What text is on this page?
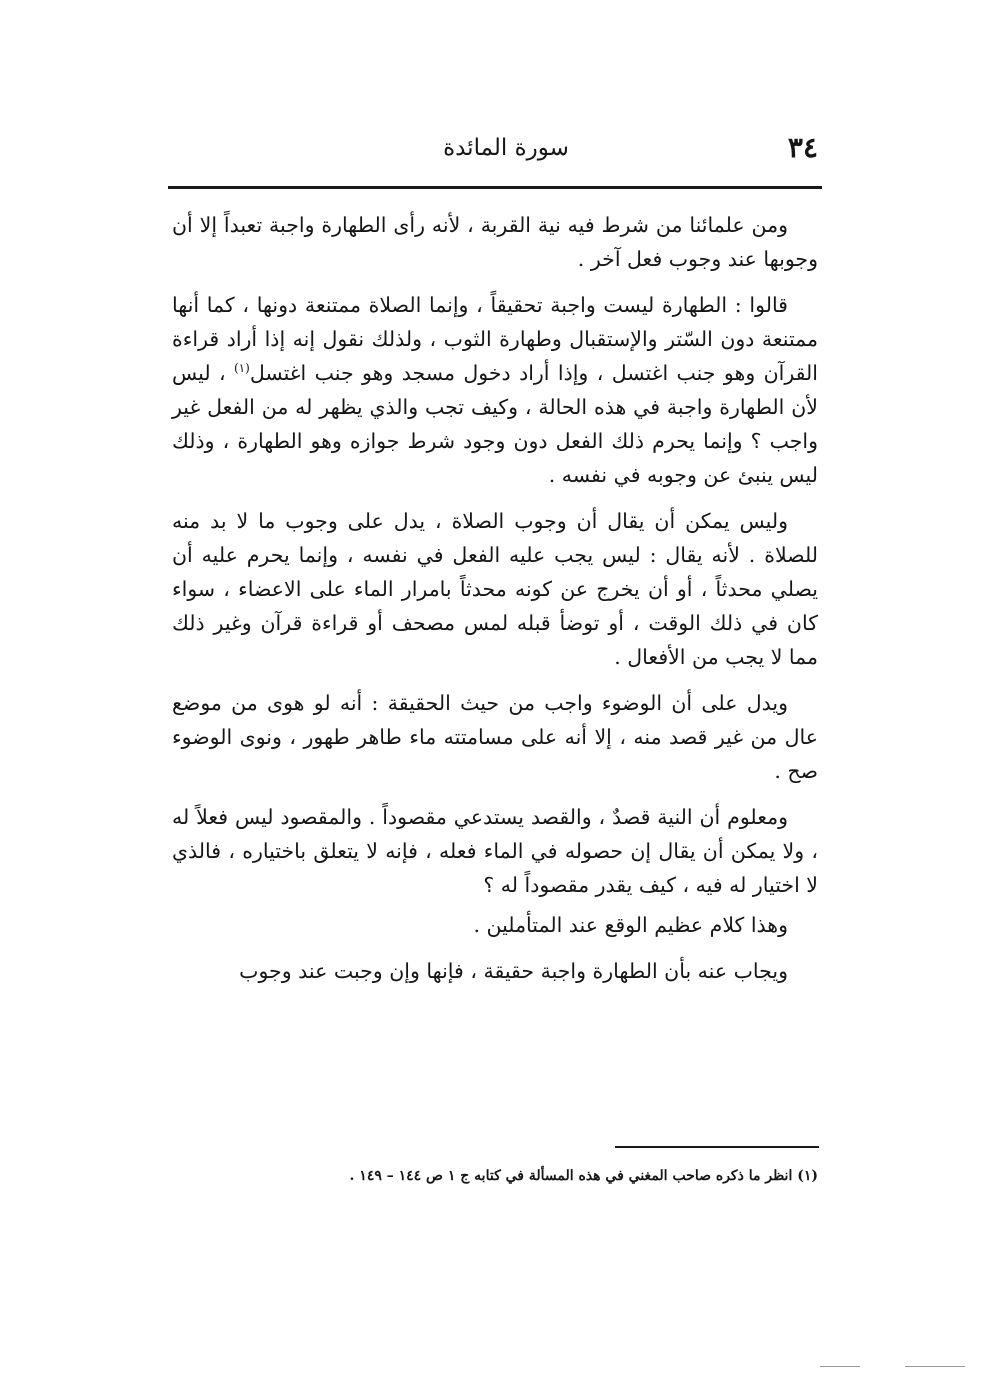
٣٤
سورة المائدة

ومن علمائنا من شرط فيه نية القربة ، لأنه رأى الطهارة واجبة تعبداً إلا أن وجوبها عند وجوب فعل آخر .

قالوا : الطهارة ليست واجبة تحقيقاً ، وإنما الصلاة ممتنعة دونها ، كما أنها ممتنعة دون السّتر والإستقبال وطهارة الثوب ، ولذلك نقول إنه إذا أراد قراءة القرآن وهو جنب اغتسل ، وإذا أراد دخول مسجد وهو جنب اغتسل$^{(١)}$ ، ليس لأن الطهارة واجبة في هذه الحالة ، وكيف تجب والذي يظهر له من الفعل غير واجب ؟ وإنما يحرم ذلك الفعل دون وجود شرط جوازه وهو الطهارة ، وذلك ليس ينبئ عن وجوبه في نفسه .

وليس يمكن أن يقال أن وجوب الصلاة ، يدل على وجوب ما لا بد منه للصلاة . لأنه يقال : ليس يجب عليه الفعل في نفسه ، وإنما يحرم عليه أن يصلي محدثاً ، أو أن يخرج عن كونه محدثاً بامرار الماء على الاعضاء ، سواء كان في ذلك الوقت ، أو توضأ قبله لمس مصحف أو قراءة قرآن وغير ذلك مما لا يجب من الأفعال .

ويدل على أن الوضوء واجب من حيث الحقيقة : أنه لو هوى من موضع عال من غير قصد منه ، إلا أنه على مسامتته ماء طاهر طهور ، ونوى الوضوء صح .

ومعلوم أن النية قصدٌ ، والقصد يستدعي مقصوداً . والمقصود ليس فعلاً له ، ولا يمكن أن يقال إن حصوله في الماء فعله ، فإنه لا يتعلق باختياره ، فالذي لا اختيار له فيه ، كيف يقدر مقصوداً له ؟

وهذا كلام عظيم الوقع عند المتأملين .

ويجاب عنه بأن الطهارة واجبة حقيقة ، فإنها وإن وجبت عند وجوب

(١) انظر ما ذكره صاحب المغني في هذه المسألة في كتابه ج ١ ص ١٤٤ – ١٤٩ .
